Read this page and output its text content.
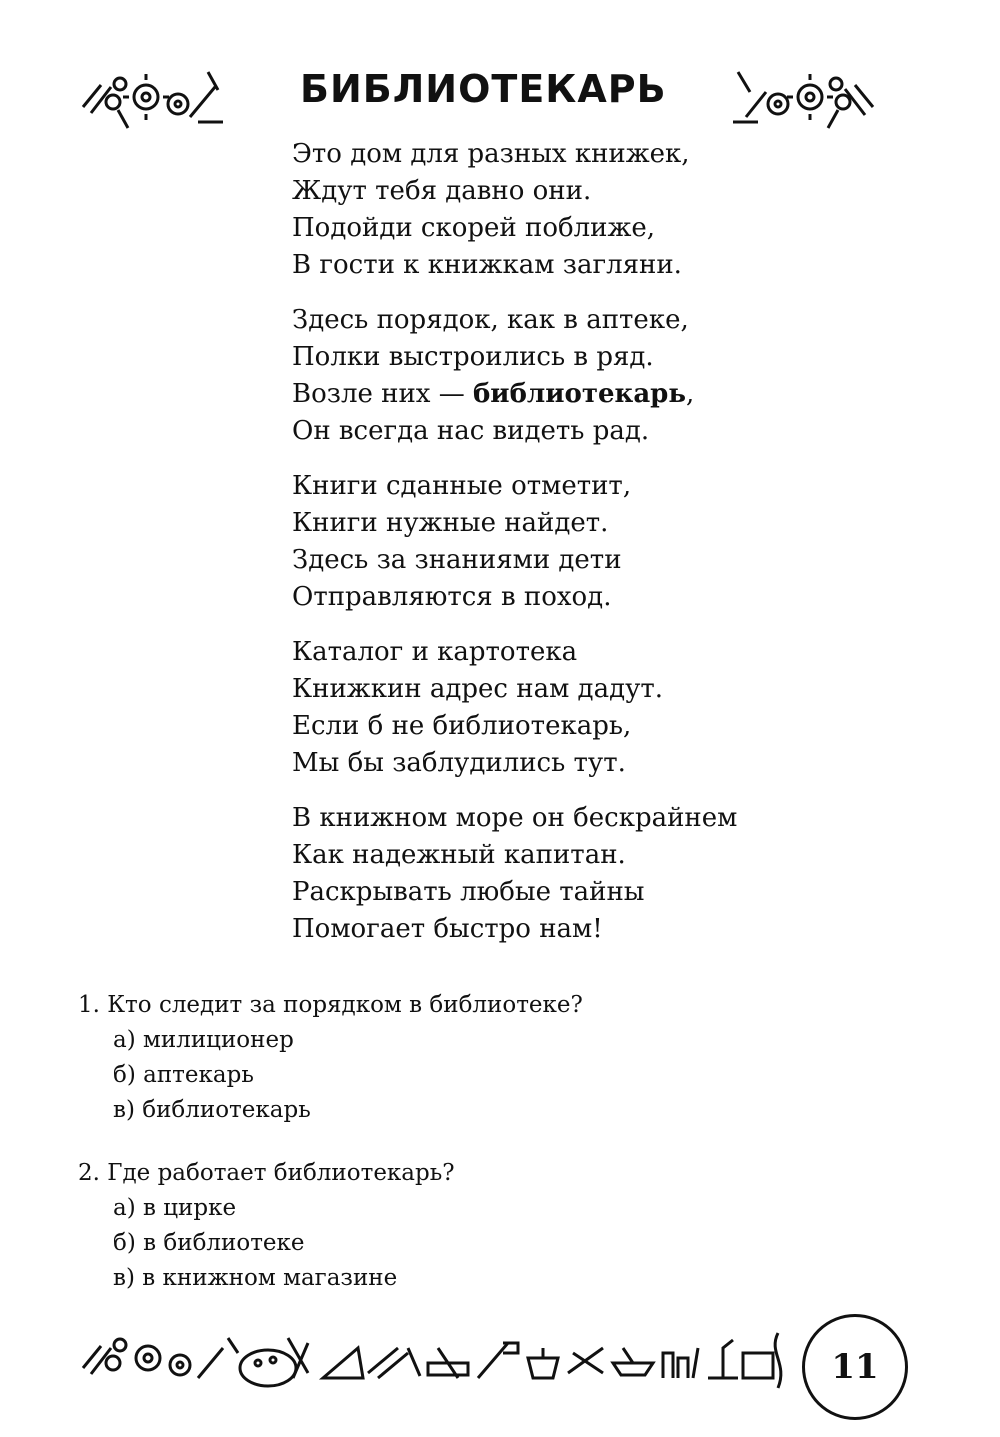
БИБЛИОТЕКАРЬ
Это дом для разных книжек,
Ждут тебя давно они.
Подойди скорей поближе,
В гости к книжкам загляни.
Здесь порядок, как в аптеке,
Полки выстроились в ряд.
Возле них — библиотекарь,
Он всегда нас видеть рад.
Книги сданные отметит,
Книги нужные найдет.
Здесь за знаниями дети
Отправляются в поход.
Каталог и картотека
Книжкин адрес нам дадут.
Если б не библиотекарь,
Мы бы заблудились тут.
В книжном море он бескрайнем
Как надежный капитан.
Раскрывать любые тайны
Помогает быстро нам!
1. Кто следит за порядком в библиотеке?
а) милиционер
б) аптекарь
в) библиотекарь
2. Где работает библиотекарь?
а) в цирке
б) в библиотеке
в) в книжном магазине
11
